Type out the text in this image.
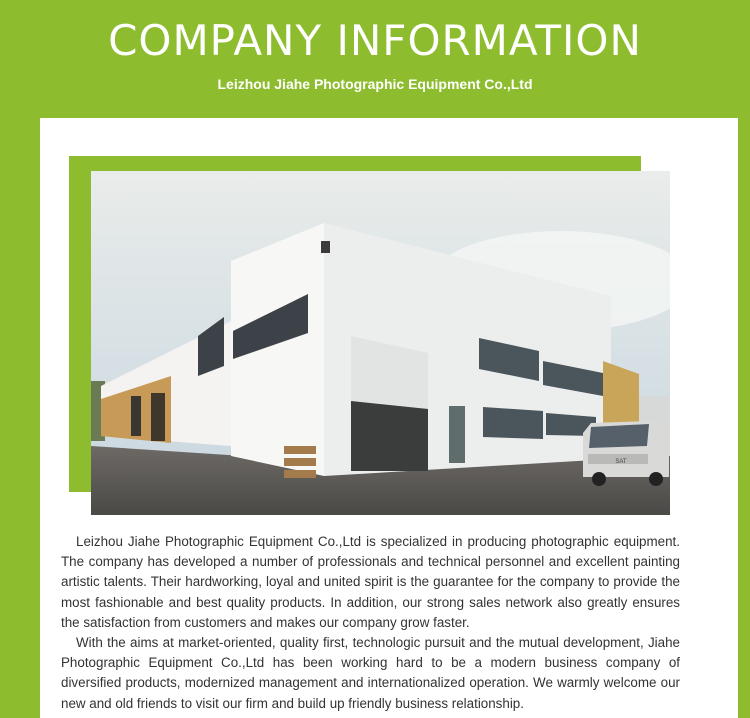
COMPANY INFORMATION
Leizhou Jiahe Photographic Equipment Co.,Ltd
SAT

Leizhou Jiahe Photographic Equipment Co.,Ltd is specialized in producing photographic equipment. The company has developed a number of professionals and technical personnel and excellent painting artistic talents. Their hardworking, loyal and united spirit is the guarantee for the company to provide the most fashionable and best quality products. In addition, our strong sales network also greatly ensures the satisfaction from customers and makes our company grow faster.

With the aims at market-oriented, quality first, technologic pursuit and the mutual development, Jiahe Photographic Equipment Co.,Ltd has been working hard to be a modern business company of diversified products, modernized management and internationalized operation. We warmly welcome our new and old friends to visit our firm and build up friendly business relationship.
